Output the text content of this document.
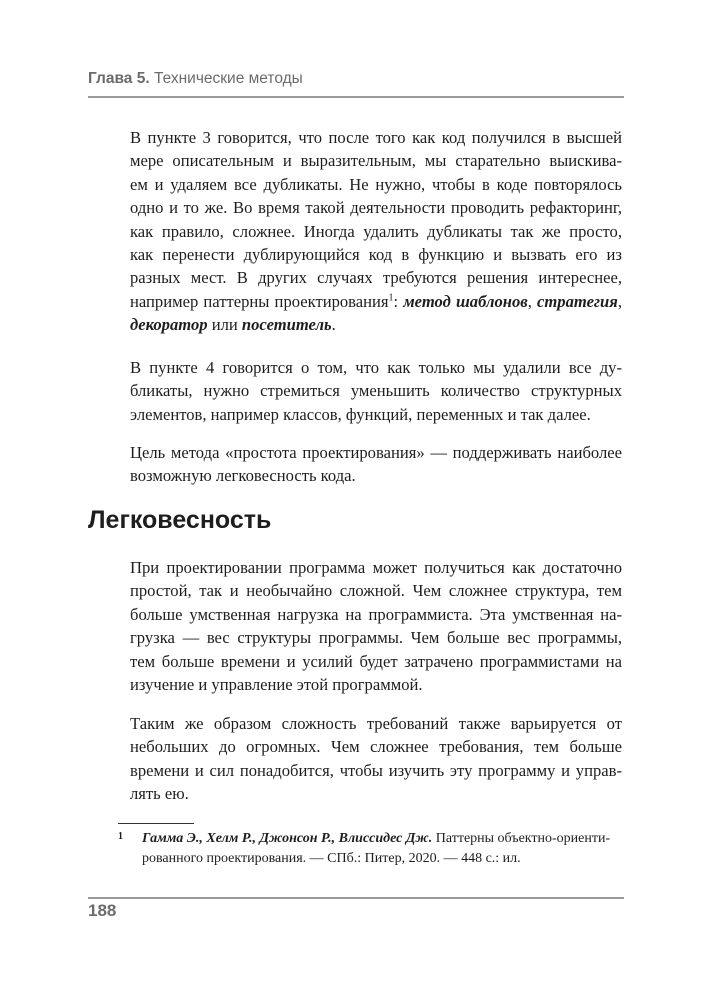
Глава 5. Технические методы

В пункте 3 говорится, что после того как код получился в высшей
мере описательным и выразительным, мы старательно выискива-
ем и удаляем все дубликаты. Не нужно, чтобы в коде повторялось
одно и то же. Во время такой деятельности проводить рефакторинг,
как правило, сложнее. Иногда удалить дубликаты так же просто,
как перенести дублирующийся код в функцию и вызвать его из
разных мест. В других случаях требуются решения интереснее,
например паттерны проектирования$^1$: метод шаблонов, стратегия,
декоратор или посетитель.

В пункте 4 говорится о том, что как только мы удалили все ду-
бликаты, нужно стремиться уменьшить количество структурных
элементов, например классов, функций, переменных и так далее.

Цель метода «простота проектирования» — поддерживать наиболее
возможную легковесность кода.

Легковесность

При проектировании программа может получиться как достаточно
простой, так и необычайно сложной. Чем сложнее структура, тем
больше умственная нагрузка на программиста. Эта умственная на-
грузка — вес структуры программы. Чем больше вес программы,
тем больше времени и усилий будет затрачено программистами на
изучение и управление этой программой.

Таким же образом сложность требований также варьируется от
небольших до огромных. Чем сложнее требования, тем больше
времени и сил понадобится, чтобы изучить эту программу и управ-
лять ею.

1 Гамма Э., Хелм Р., Джонсон Р., Влиссидес Дж. Паттерны объектно-ориенти-
рованного проектирования. — СПб.: Питер, 2020. — 448 с.: ил.
188
